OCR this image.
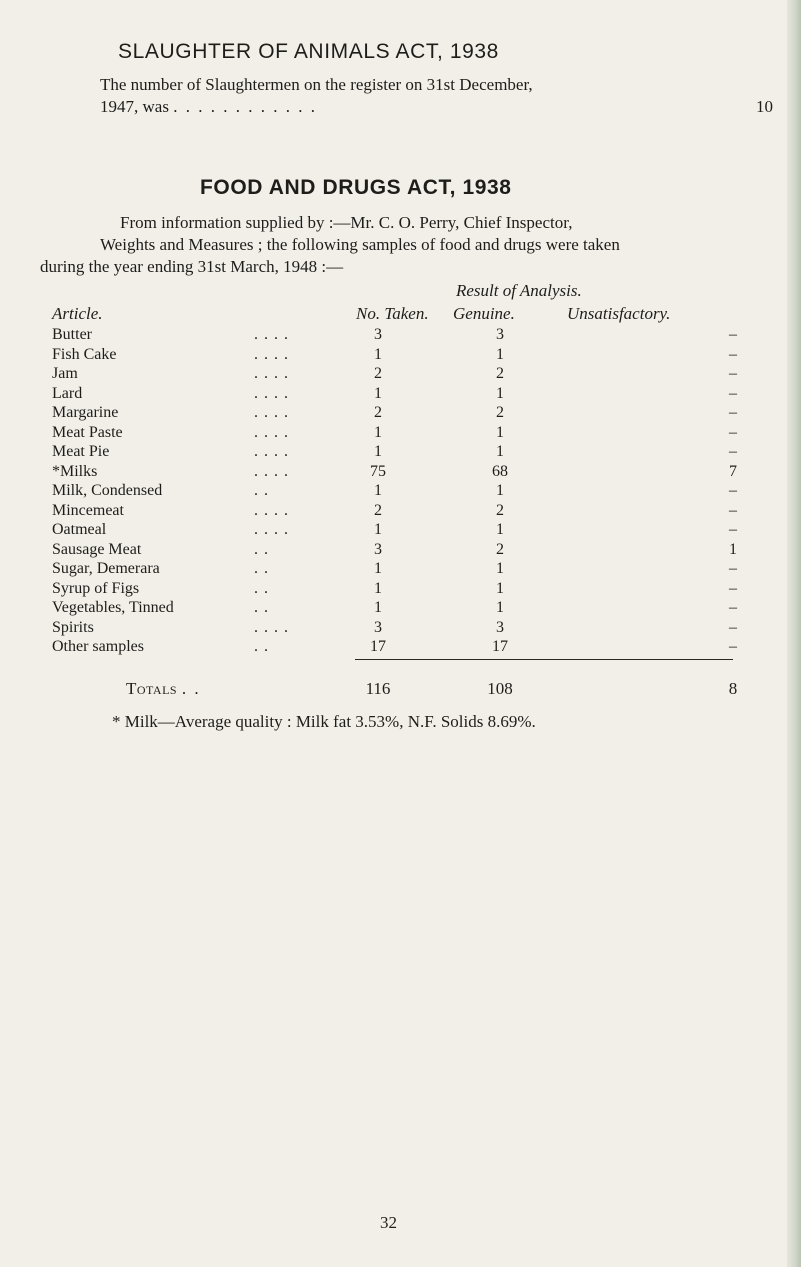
SLAUGHTER OF ANIMALS ACT, 1938
The number of Slaughtermen on the register on 31st December,
1947, was . . . . . . . . . . . .	10
FOOD AND DRUGS ACT, 1938
From information supplied by :—Mr. C. O. Perry, Chief Inspector,
Weights and Measures ; the following samples of food and drugs were taken
during the year ending 31st March, 1948 :—
Result of Analysis.
Article.	No. Taken. Genuine.	Unsatisfactory.
Butter	. . . .	3	3	–
Fish Cake	. . . .	1	1	–
Jam	. . . .	2	2	–
Lard	. . . .	1	1	–
Margarine	. . . .	2	2	–
Meat Paste	. . . .	1	1	–
Meat Pie	. . . .	1	1	–
*Milks	. . . .	75	68	7
Milk, Condensed	. .	1	1	–
Mincemeat	. . . .	2	2	–
Oatmeal	. . . .	1	1	–
Sausage Meat	. .	3	2	1
Sugar, Demerara	. .	1	1	–
Syrup of Figs	. .	1	1	–
Vegetables, Tinned	. .	1	1	–
Spirits	. . . .	3	3	–
Other samples	. .	17	17	–
Totals . .	116	108	8
* Milk—Average quality : Milk fat 3.53%, N.F. Solids 8.69%.
32
